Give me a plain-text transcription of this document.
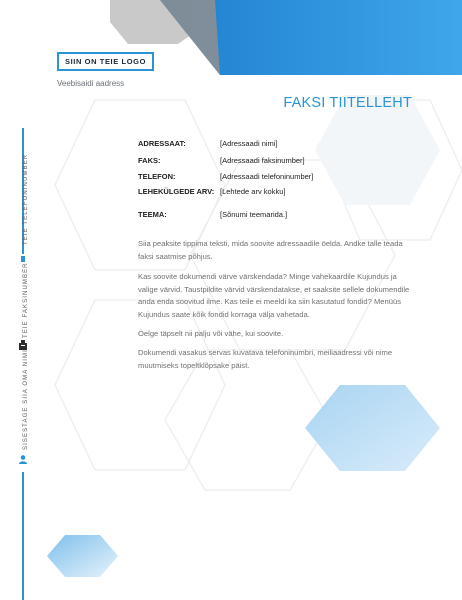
SIIN ON TEIE LOGO
Veebisaidi aadress
FAKSI TIITELLEHT
ADRESSAAT:	[Adressaadi nimi]
FAKS:	[Adressaadi faksinumber]
TELEFON:	[Adressaadi telefoninumber]
LEHEKÜLGEDE ARV: [Lehtede arv kokku]
TEEMA:	[Sõnumi teemarida.]

Siia peaksite tippima teksti, mida soovite adressaadile öelda. Andke talle teada faksi saatmise põhjus.

Kas soovite dokumendi värve värskendada? Minge vahekaardile Kujundus ja valige värvid. Taustpildite värvid värskendatakse, et saaksite sellele dokumendile anda enda soovitud ilme. Kas teile ei meeldi ka siin kasutatud fondid? Menüüs Kujundus saate kõik fondid korraga välja vahetada.

Öelge täpselt nii palju või vähe, kui soovite.

Dokumendi vasakus servas kuvatava telefoninumbri, meiliaadressi või nime muutmiseks topeltklõpsake päist.

TEIE TELEFONINUMBER
TEIE FAKSINUMBER
SISESTAGE SIIA OMA NIMI
